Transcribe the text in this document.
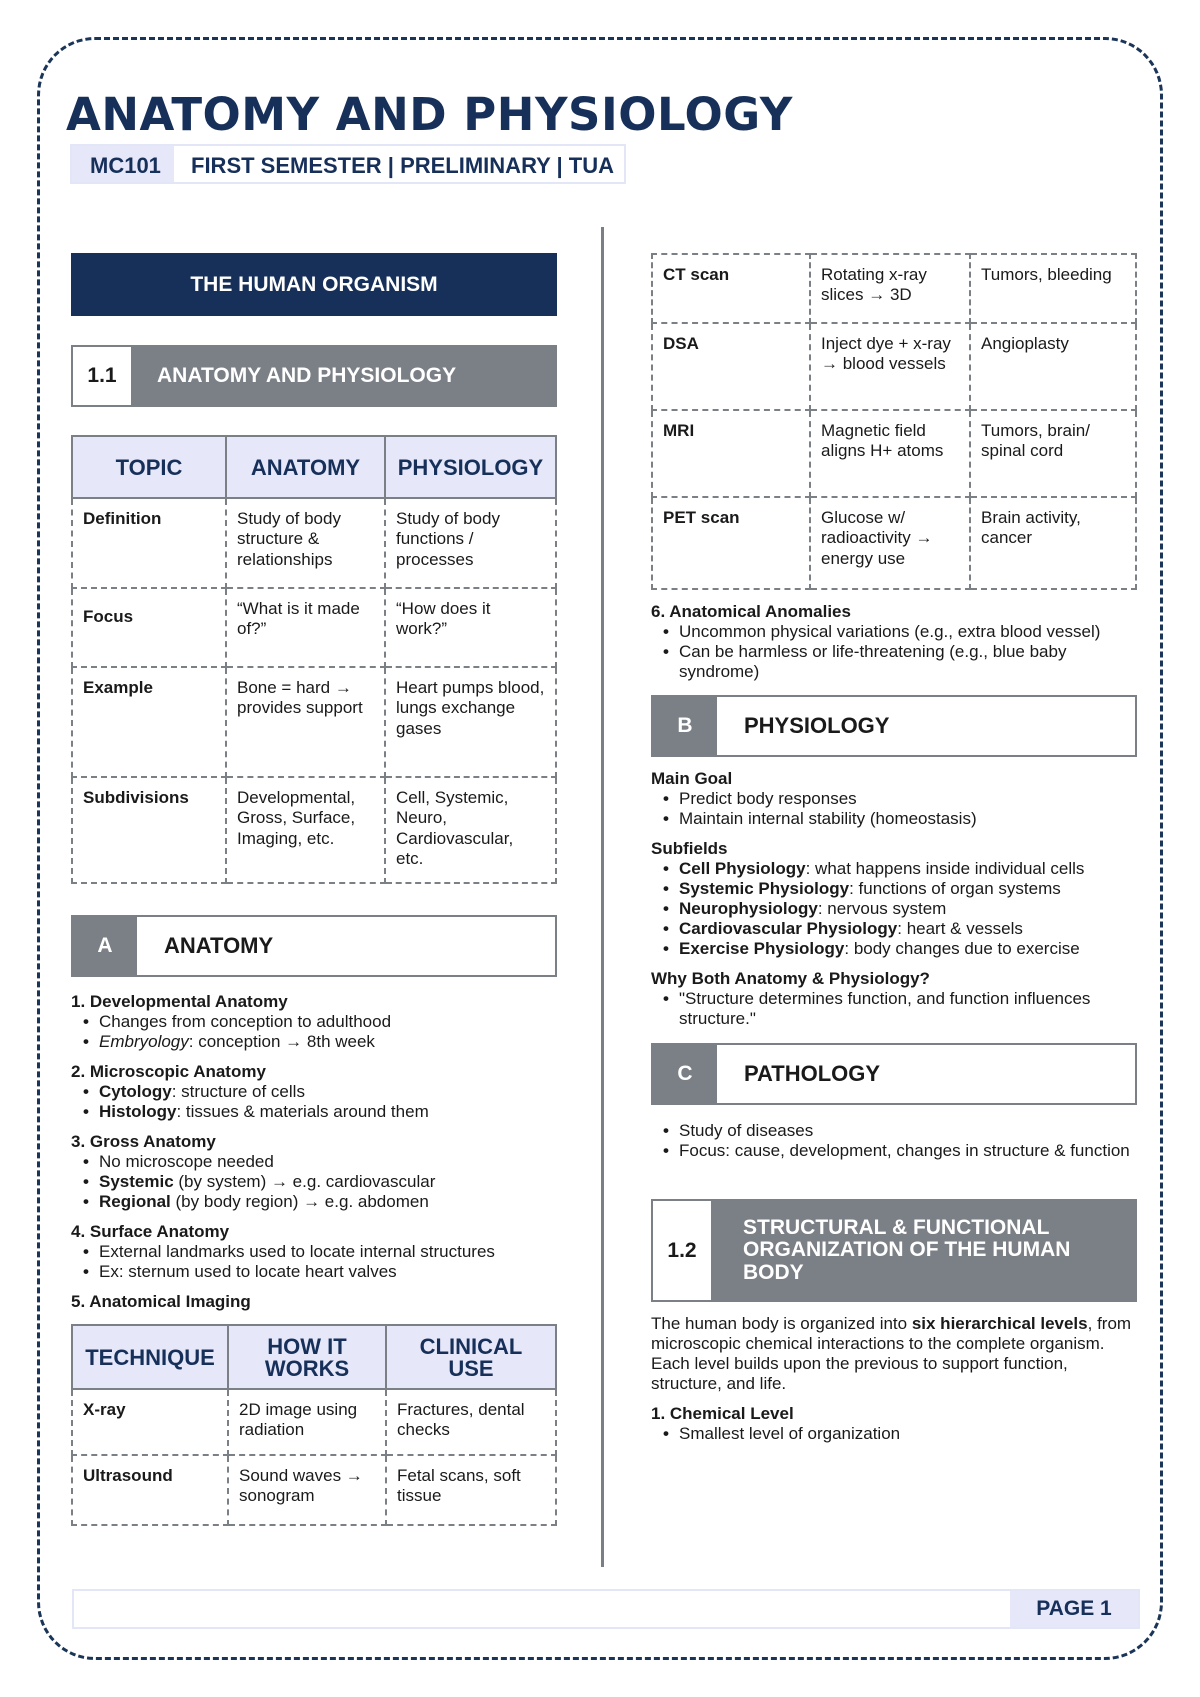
ANATOMY AND PHYSIOLOGY
MC101	FIRST SEMESTER | PRELIMINARY | TUA
THE HUMAN ORGANISM
1.1	ANATOMY AND PHYSIOLOGY
TOPIC	ANATOMY	PHYSIOLOGY
Definition	Study of body structure & relationships	Study of body functions / processes
Focus	“What is it made of?”	“How does it work?”
Example	Bone = hard → provides support	Heart pumps blood, lungs exchange gases
Subdivisions	Developmental, Gross, Surface, Imaging, etc.	Cell, Systemic, Neuro, Cardiovascular, etc.
A	ANATOMY
1. Developmental Anatomy
• Changes from conception to adulthood
• Embryology: conception → 8th week
2. Microscopic Anatomy
• Cytology: structure of cells
• Histology: tissues & materials around them
3. Gross Anatomy
• No microscope needed
• Systemic (by system) → e.g. cardiovascular
• Regional (by body region) → e.g. abdomen
4. Surface Anatomy
• External landmarks used to locate internal structures
• Ex: sternum used to locate heart valves
5. Anatomical Imaging
TECHNIQUE	HOW IT WORKS	CLINICAL USE
X-ray	2D image using radiation	Fractures, dental checks
Ultrasound	Sound waves → sonogram	Fetal scans, soft tissue
CT scan	Rotating x-ray slices → 3D	Tumors, bleeding
DSA	Inject dye + x-ray → blood vessels	Angioplasty
MRI	Magnetic field aligns H+ atoms	Tumors, brain/ spinal cord
PET scan	Glucose w/ radioactivity → energy use	Brain activity, cancer
6. Anatomical Anomalies
• Uncommon physical variations (e.g., extra blood vessel)
• Can be harmless or life-threatening (e.g., blue baby syndrome)
B	PHYSIOLOGY
Main Goal
• Predict body responses
• Maintain internal stability (homeostasis)
Subfields
• Cell Physiology: what happens inside individual cells
• Systemic Physiology: functions of organ systems
• Neurophysiology: nervous system
• Cardiovascular Physiology: heart & vessels
• Exercise Physiology: body changes due to exercise
Why Both Anatomy & Physiology?
• "Structure determines function, and function influences structure."
C	PATHOLOGY
• Study of diseases
• Focus: cause, development, changes in structure & function
1.2
STRUCTURAL & FUNCTIONAL ORGANIZATION OF THE HUMAN BODY
The human body is organized into six hierarchical levels, from microscopic chemical interactions to the complete organism. Each level builds upon the previous to support function, structure, and life.
1. Chemical Level
• Smallest level of organization
PAGE 1
